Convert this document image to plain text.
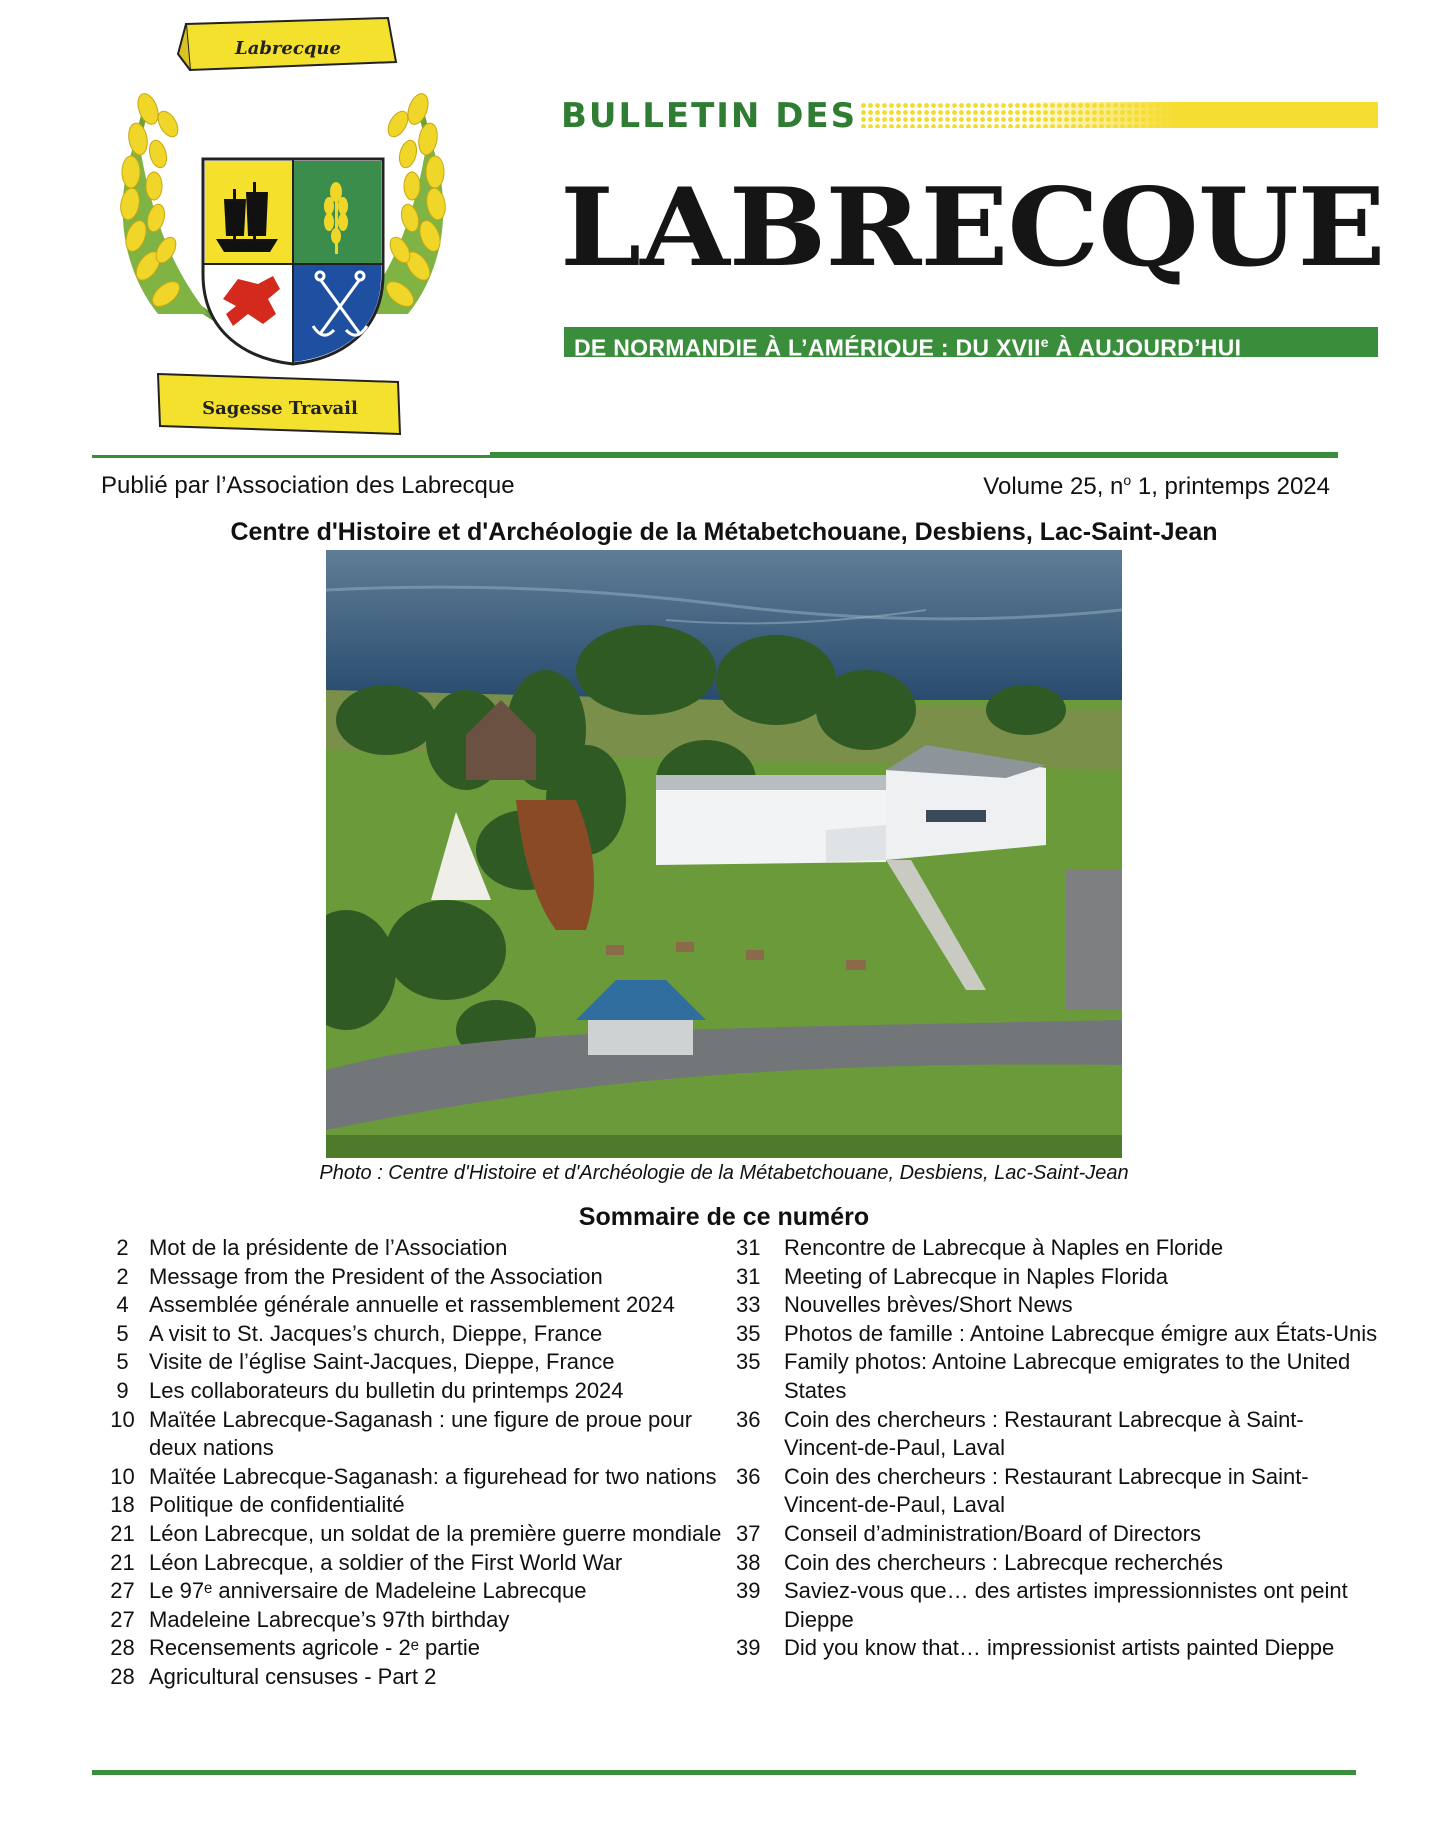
Labrecque
Sagesse Travail
BULLETIN DES
LABRECQUE
DE NORMANDIE À L’AMÉRIQUE : DU XVIIe À AUJOURD’HUI
Publié par l’Association des Labrecque	Volume 25, $n^o$ 1, printemps 2024
Centre d'Histoire et d'Archéologie de la Métabetchouane, Desbiens, Lac-Saint-Jean
Photo : Centre d'Histoire et d'Archéologie de la Métabetchouane, Desbiens, Lac-Saint-Jean
Sommaire de ce numéro
2 Mot de la présidente de l’Association
2 Message from the President of the Association
4 Assemblée générale annuelle et rassemblement 2024
5 A visit to St. Jacques’s church, Dieppe, France
5 Visite de l’église Saint-Jacques, Dieppe, France
9 Les collaborateurs du bulletin du printemps 2024
10 Maïtée Labrecque-Saganash : une figure de proue pour deux nations
10 Maïtée Labrecque-Saganash: a figurehead for two nations
18 Politique de confidentialité
21 Léon Labrecque, un soldat de la première guerre mondiale
21 Léon Labrecque, a soldier of the First World War
27 Le 97ᵉ anniversaire de Madeleine Labrecque
27 Madeleine Labrecque’s 97th birthday
28 Recensements agricole - 2ᵉ partie
28 Agricultural censuses - Part 2
31	Rencontre de Labrecque à Naples en Floride
31	Meeting of Labrecque in Naples Florida
33	Nouvelles brèves/Short News
35	Photos de famille : Antoine Labrecque émigre aux États-Unis
35	Family photos: Antoine Labrecque emigrates to the United States
36	Coin des chercheurs : Restaurant Labrecque à Saint-Vincent-de-Paul, Laval
36	Coin des chercheurs : Restaurant Labrecque in Saint-Vincent-de-Paul, Laval
37	Conseil d’administration/Board of Directors
38	Coin des chercheurs : Labrecque recherchés
39	Saviez-vous que… des artistes impressionnistes ont peint Dieppe
39	Did you know that… impressionist artists painted Dieppe
